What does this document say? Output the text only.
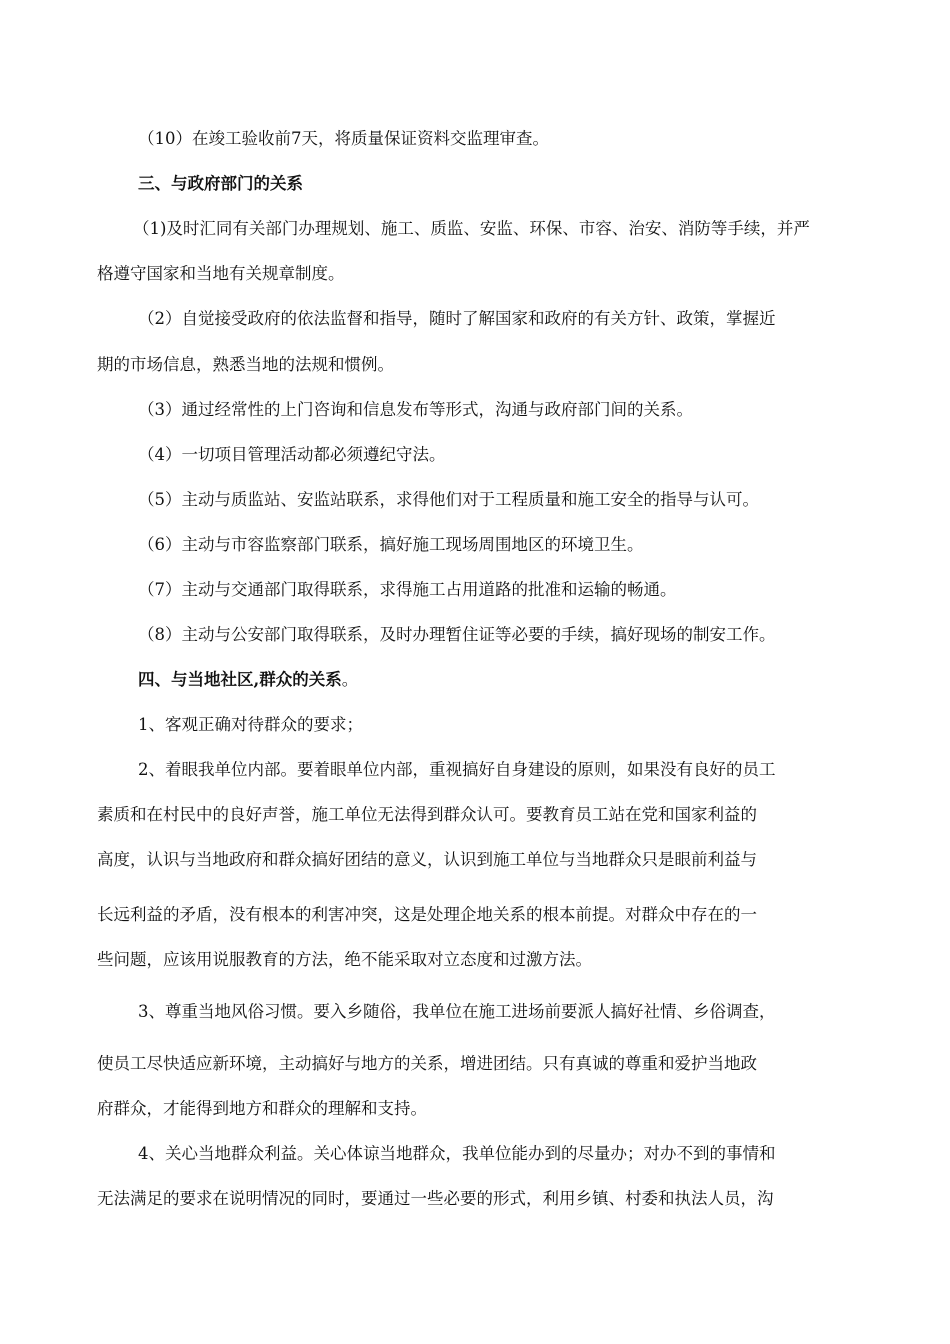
（10）在竣工验收前7天，将质量保证资料交监理审查。
三、与政府部门的关系
（1)及时汇同有关部门办理规划、施工、质监、安监、环保、市容、治安、消防等手续，并严
格遵守国家和当地有关规章制度。
（2）自觉接受政府的依法监督和指导，随时了解国家和政府的有关方针、政策，掌握近
期的市场信息，熟悉当地的法规和惯例。
（3）通过经常性的上门咨询和信息发布等形式，沟通与政府部门间的关系。
（4）一切项目管理活动都必须遵纪守法。
（5）主动与质监站、安监站联系，求得他们对于工程质量和施工安全的指导与认可。
（6）主动与市容监察部门联系，搞好施工现场周围地区的环境卫生。
（7）主动与交通部门取得联系，求得施工占用道路的批准和运输的畅通。
（8）主动与公安部门取得联系，及时办理暂住证等必要的手续，搞好现场的制安工作。
四、与当地社区,群众的关系。
1、客观正确对待群众的要求；
2、着眼我单位内部。要着眼单位内部，重视搞好自身建设的原则，如果没有良好的员工
素质和在村民中的良好声誉，施工单位无法得到群众认可。要教育员工站在党和国家利益的
高度，认识与当地政府和群众搞好团结的意义，认识到施工单位与当地群众只是眼前利益与
长远利益的矛盾，没有根本的利害冲突，这是处理企地关系的根本前提。对群众中存在的一
些问题，应该用说服教育的方法，绝不能采取对立态度和过激方法。
3、尊重当地风俗习惯。要入乡随俗，我单位在施工进场前要派人搞好社情、乡俗调查，
使员工尽快适应新环境，主动搞好与地方的关系，增进团结。只有真诚的尊重和爱护当地政
府群众，才能得到地方和群众的理解和支持。
4、关心当地群众利益。关心体谅当地群众，我单位能办到的尽量办；对办不到的事情和
无法满足的要求在说明情况的同时，要通过一些必要的形式，利用乡镇、村委和执法人员，沟
